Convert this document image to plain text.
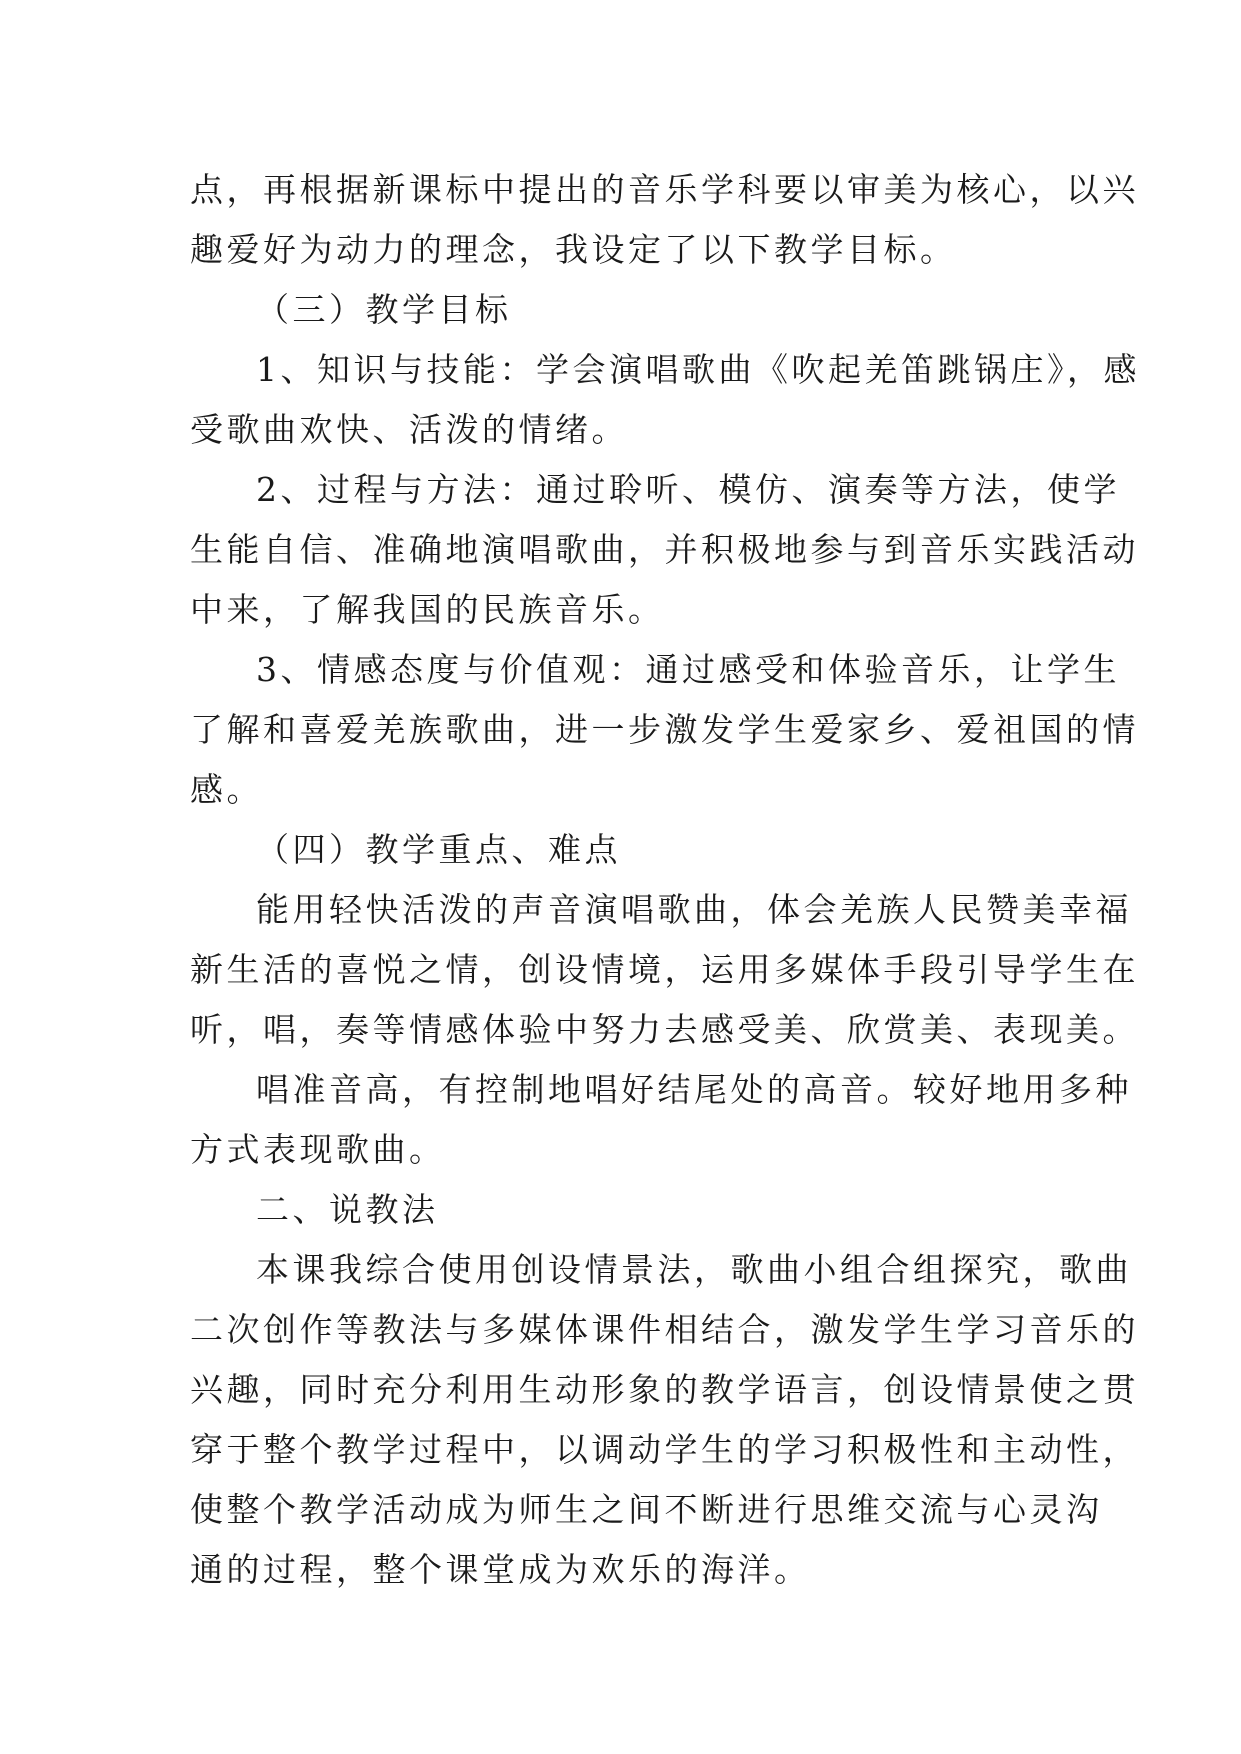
点，再根据新课标中提出的音乐学科要以审美为核心，以兴
趣爱好为动力的理念，我设定了以下教学目标。
（三）教学目标
1、知识与技能：学会演唱歌曲《吹起羌笛跳锅庄》，感
受歌曲欢快、活泼的情绪。
2、过程与方法：通过聆听、模仿、演奏等方法，使学
生能自信、准确地演唱歌曲，并积极地参与到音乐实践活动
中来，了解我国的民族音乐。
3、情感态度与价值观：通过感受和体验音乐，让学生
了解和喜爱羌族歌曲，进一步激发学生爱家乡、爱祖国的情
感。
（四）教学重点、难点
能用轻快活泼的声音演唱歌曲，体会羌族人民赞美幸福
新生活的喜悦之情，创设情境，运用多媒体手段引导学生在
听，唱，奏等情感体验中努力去感受美、欣赏美、表现美。
唱准音高，有控制地唱好结尾处的高音。较好地用多种
方式表现歌曲。
二、说教法
本课我综合使用创设情景法，歌曲小组合组探究，歌曲
二次创作等教法与多媒体课件相结合，激发学生学习音乐的
兴趣，同时充分利用生动形象的教学语言，创设情景使之贯
穿于整个教学过程中，以调动学生的学习积极性和主动性，
使整个教学活动成为师生之间不断进行思维交流与心灵沟
通的过程，整个课堂成为欢乐的海洋。
